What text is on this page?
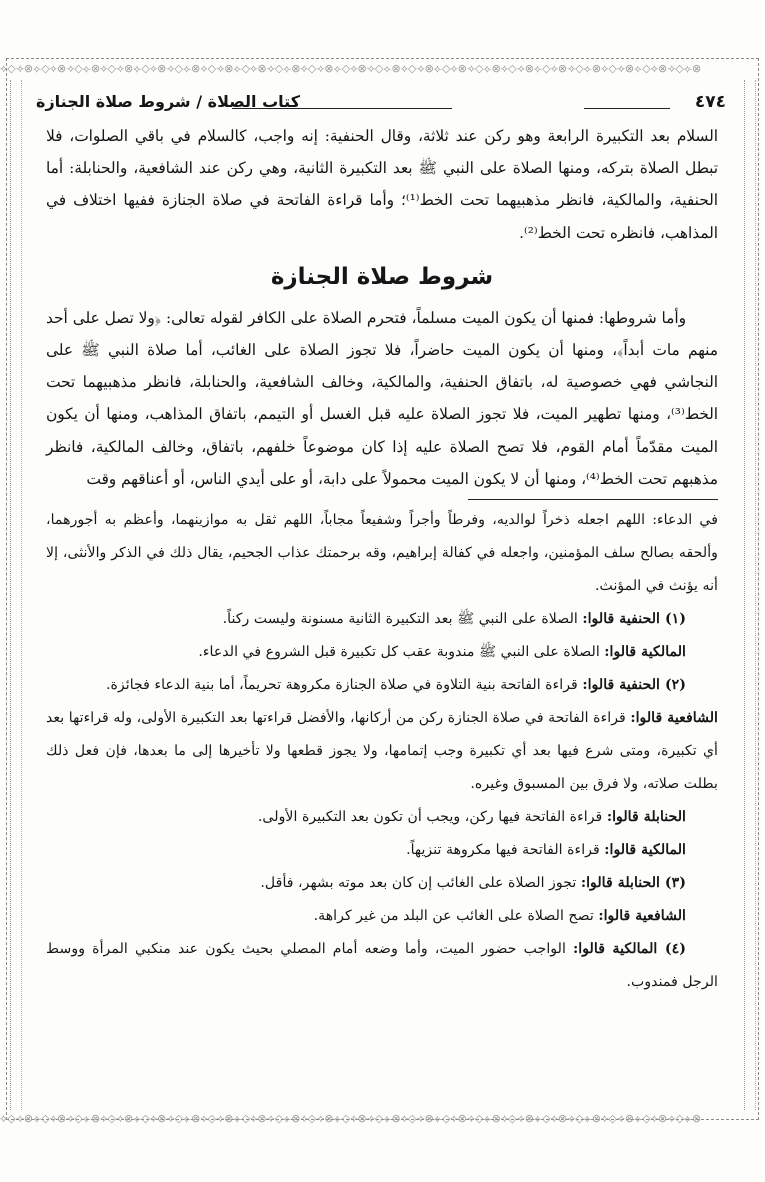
⟡◇⟢⊗⟣◇⟡⊗⟢◇⟣⊗⟡◇⟢⊗⟣◇⟡⊗⟢◇⟣⊗⟡◇⟢⊗⟣◇⟡⊗⟢◇⟣⊗⟡◇⟢⊗⟣◇⟡⊗⟢◇⟣⊗⟡◇⟢⊗⟣◇⟡⊗⟢◇⟣⊗⟡◇⟢⊗⟣◇⟡⊗⟢◇⟣⊗⟡◇⟢⊗⟣◇⟡⊗⟢◇⟣⊗
⟡◇⟢⊗⟣◇⟡⊗⟢◇⟣⊗⟡◇⟢⊗⟣◇⟡⊗⟢◇⟣⊗⟡◇⟢⊗⟣◇⟡⊗⟢◇⟣⊗⟡◇⟢⊗⟣◇⟡⊗⟢◇⟣⊗⟡◇⟢⊗⟣◇⟡⊗⟢◇⟣⊗⟡◇⟢⊗⟣◇⟡⊗⟢◇⟣⊗⟡◇⟢⊗⟣◇⟡⊗⟢◇⟣⊗
٤٧٤
كتاب الصلاة / شروط صلاة الجنازة

السلام بعد التكبيرة الرابعة وهو ركن عند ثلاثة، وقال الحنفية: إنه واجب، كالسلام في باقي الصلوات، فلا تبطل الصلاة بتركه، ومنها الصلاة على النبي ﷺ بعد التكبيرة الثانية، وهي ركن عند الشافعية، والحنابلة: أما الحنفية، والمالكية، فانظر مذهبيهما تحت الخط⁽¹⁾؛ وأما قراءة الفاتحة في صلاة الجنازة ففيها اختلاف في المذاهب، فانظره تحت الخط⁽²⁾.

شروط صلاة الجنازة

وأما شروطها: فمنها أن يكون الميت مسلماً، فتحرم الصلاة على الكافر لقوله تعالى: ﴿ولا تصل على أحد منهم مات أبداً﴾، ومنها أن يكون الميت حاضراً، فلا تجوز الصلاة على الغائب، أما صلاة النبي ﷺ على النجاشي فهي خصوصية له، باتفاق الحنفية، والمالكية، وخالف الشافعية، والحنابلة، فانظر مذهبيهما تحت الخط⁽³⁾، ومنها تطهير الميت، فلا تجوز الصلاة عليه قبل الغسل أو التيمم، باتفاق المذاهب، ومنها أن يكون الميت مقدّماً أمام القوم، فلا تصح الصلاة عليه إذا كان موضوعاً خلفهم، باتفاق، وخالف المالكية، فانظر مذهبهم تحت الخط⁽⁴⁾، ومنها أن لا يكون الميت محمولاً على دابة، أو على أيدي الناس، أو أعناقهم وقت

في الدعاء: اللهم اجعله ذخراً لوالديه، وفرطاً وأجراً وشفيعاً مجاباً، اللهم ثقل به موازينهما، وأعظم به أجورهما، وألحقه بصالح سلف المؤمنين، واجعله في كفالة إبراهيم، وقه برحمتك عذاب الجحيم، يقال ذلك في الذكر والأنثى، إلا أنه يؤنث في المؤنث.

(١) الحنفية قالوا: الصلاة على النبي ﷺ بعد التكبيرة الثانية مسنونة وليست ركناً.

المالكية قالوا: الصلاة على النبي ﷺ مندوبة عقب كل تكبيرة قبل الشروع في الدعاء.

(٢) الحنفية قالوا: قراءة الفاتحة بنية التلاوة في صلاة الجنازة مكروهة تحريماً، أما بنية الدعاء فجائزة.

الشافعية قالوا: قراءة الفاتحة في صلاة الجنازة ركن من أركانها، والأفضل قراءتها بعد التكبيرة الأولى، وله قراءتها بعد أي تكبيرة، ومتى شرع فيها بعد أي تكبيرة وجب إتمامها، ولا يجوز قطعها ولا تأخيرها إلى ما بعدها، فإن فعل ذلك بطلت صلاته، ولا فرق بين المسبوق وغيره.

الحنابلة قالوا: قراءة الفاتحة فيها ركن، ويجب أن تكون بعد التكبيرة الأولى.

المالكية قالوا: قراءة الفاتحة فيها مكروهة تنزيهاً.

(٣) الحنابلة قالوا: تجوز الصلاة على الغائب إن كان بعد موته بشهر، فأقل.

الشافعية قالوا: تصح الصلاة على الغائب عن البلد من غير كراهة.

(٤) المالكية قالوا: الواجب حضور الميت، وأما وضعه أمام المصلي بحيث يكون عند منكبي المرأة ووسط الرجل فمندوب.
